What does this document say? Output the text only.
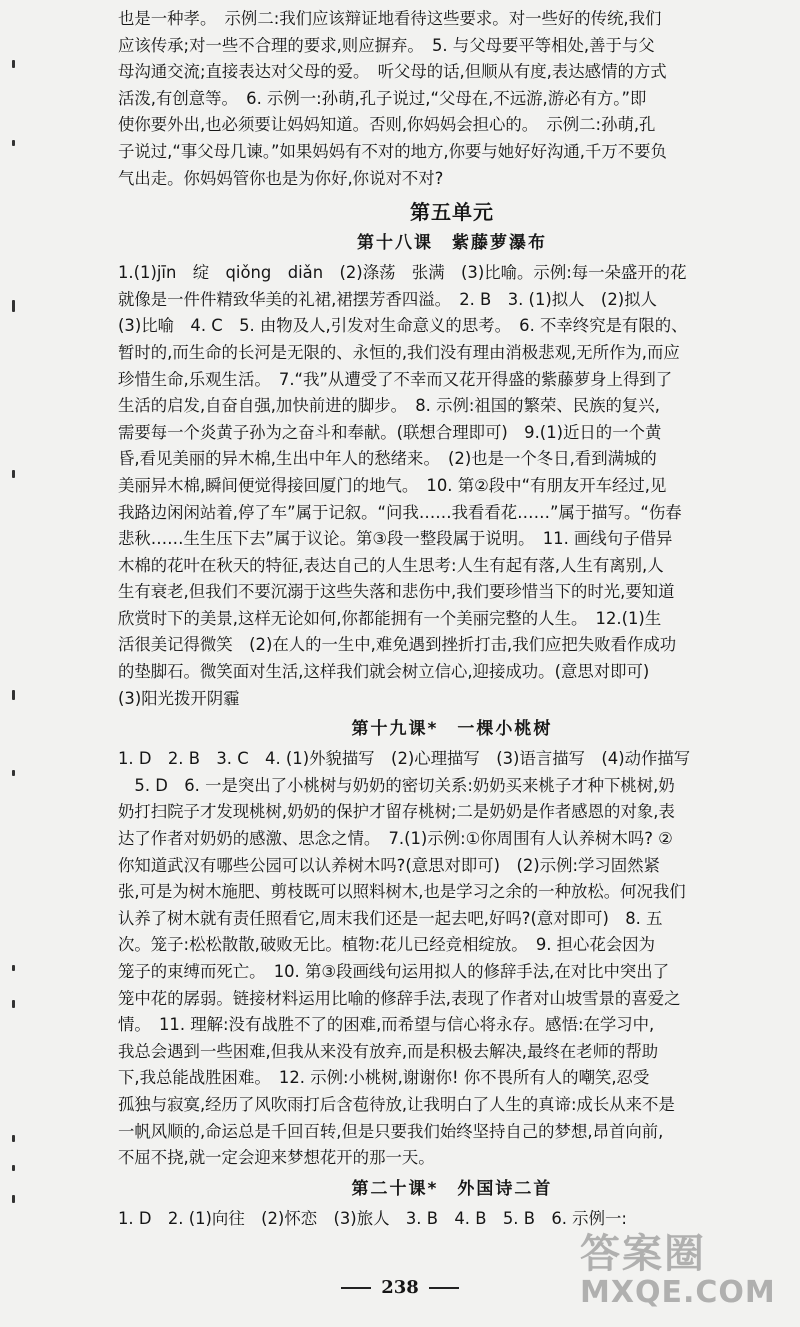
也是一种孝。　示例二:我们应该辩证地看待这些要求。对一些好的传统,我们
应该传承;对一些不合理的要求,则应摒弃。　5. 与父母要平等相处,善于与父
母沟通交流;直接表达对父母的爱。　听父母的话,但顺从有度,表达感情的方式
活泼,有创意等。　6. 示例一:孙萌,孔子说过,“父母在,不远游,游必有方。”即
使你要外出,也必须要让妈妈知道。否则,你妈妈会担心的。　示例二:孙萌,孔
子说过,“事父母几谏。”如果妈妈有不对的地方,你要与她好好沟通,千万不要负
气出走。你妈妈管你也是为你好,你说对不对?
第五单元
第十八课　紫藤萝瀑布
1.(1)jīn　绽　qiǒng　diǎn　(2)涤荡　张满　(3)比喻。示例:每一朵盛开的花
就像是一件件精致华美的礼裙,裙摆芳香四溢。　2. B　3. (1)拟人　(2)拟人
(3)比喻　4. C　5. 由物及人,引发对生命意义的思考。　6. 不幸终究是有限的、
暂时的,而生命的长河是无限的、永恒的,我们没有理由消极悲观,无所作为,而应
珍惜生命,乐观生活。　7.“我”从遭受了不幸而又花开得盛的紫藤萝身上得到了
生活的启发,自奋自强,加快前进的脚步。　8. 示例:祖国的繁荣、民族的复兴,
需要每一个炎黄子孙为之奋斗和奉献。(联想合理即可)　9.(1)近日的一个黄
昏,看见美丽的异木棉,生出中年人的愁绪来。　(2)也是一个冬日,看到满城的
美丽异木棉,瞬间便觉得接回厦门的地气。　10. 第②段中“有朋友开车经过,见
我路边闲闲站着,停了车”属于记叙。“问我……我看看花……”属于描写。“伤春
悲秋……生生压下去”属于议论。第③段一整段属于说明。　11. 画线句子借异
木棉的花叶在秋天的特征,表达自己的人生思考:人生有起有落,人生有离别,人
生有衰老,但我们不要沉溺于这些失落和悲伤中,我们要珍惜当下的时光,要知道
欣赏时下的美景,这样无论如何,你都能拥有一个美丽完整的人生。　12.(1)生
活很美记得微笑　(2)在人的一生中,难免遇到挫折打击,我们应把失败看作成功
的垫脚石。微笑面对生活,这样我们就会树立信心,迎接成功。(意思对即可)
(3)阳光拨开阴霾
第十九课*　一棵小桃树
1. D　2. B　3. C　4. (1)外貌描写　(2)心理描写　(3)语言描写　(4)动作描写
　5. D　6. 一是突出了小桃树与奶奶的密切关系:奶奶买来桃子才种下桃树,奶
奶打扫院子才发现桃树,奶奶的保护才留存桃树;二是奶奶是作者感恩的对象,表
达了作者对奶奶的感激、思念之情。　7.(1)示例:①你周围有人认养树木吗? ②
你知道武汉有哪些公园可以认养树木吗?(意思对即可)　(2)示例:学习固然紧
张,可是为树木施肥、剪枝既可以照料树木,也是学习之余的一种放松。何况我们
认养了树木就有责任照看它,周末我们还是一起去吧,好吗?(意对即可)　8. 五
次。笼子:松松散散,破败无比。植物:花儿已经竞相绽放。　9. 担心花会因为
笼子的束缚而死亡。　10. 第③段画线句运用拟人的修辞手法,在对比中突出了
笼中花的孱弱。链接材料运用比喻的修辞手法,表现了作者对山坡雪景的喜爱之
情。　11. 理解:没有战胜不了的困难,而希望与信心将永存。感悟:在学习中,
我总会遇到一些困难,但我从来没有放弃,而是积极去解决,最终在老师的帮助
下,我总能战胜困难。　12. 示例:小桃树,谢谢你! 你不畏所有人的嘲笑,忍受
孤独与寂寞,经历了风吹雨打后含苞待放,让我明白了人生的真谛:成长从来不是
一帆风顺的,命运总是千回百转,但是只要我们始终坚持自己的梦想,昂首向前,
不屈不挠,就一定会迎来梦想花开的那一天。
第二十课*　外国诗二首
1. D　2. (1)向往　(2)怀恋　(3)旅人　3. B　4. B　5. B　6. 示例一:
238
答案圈
MXQE.COM
